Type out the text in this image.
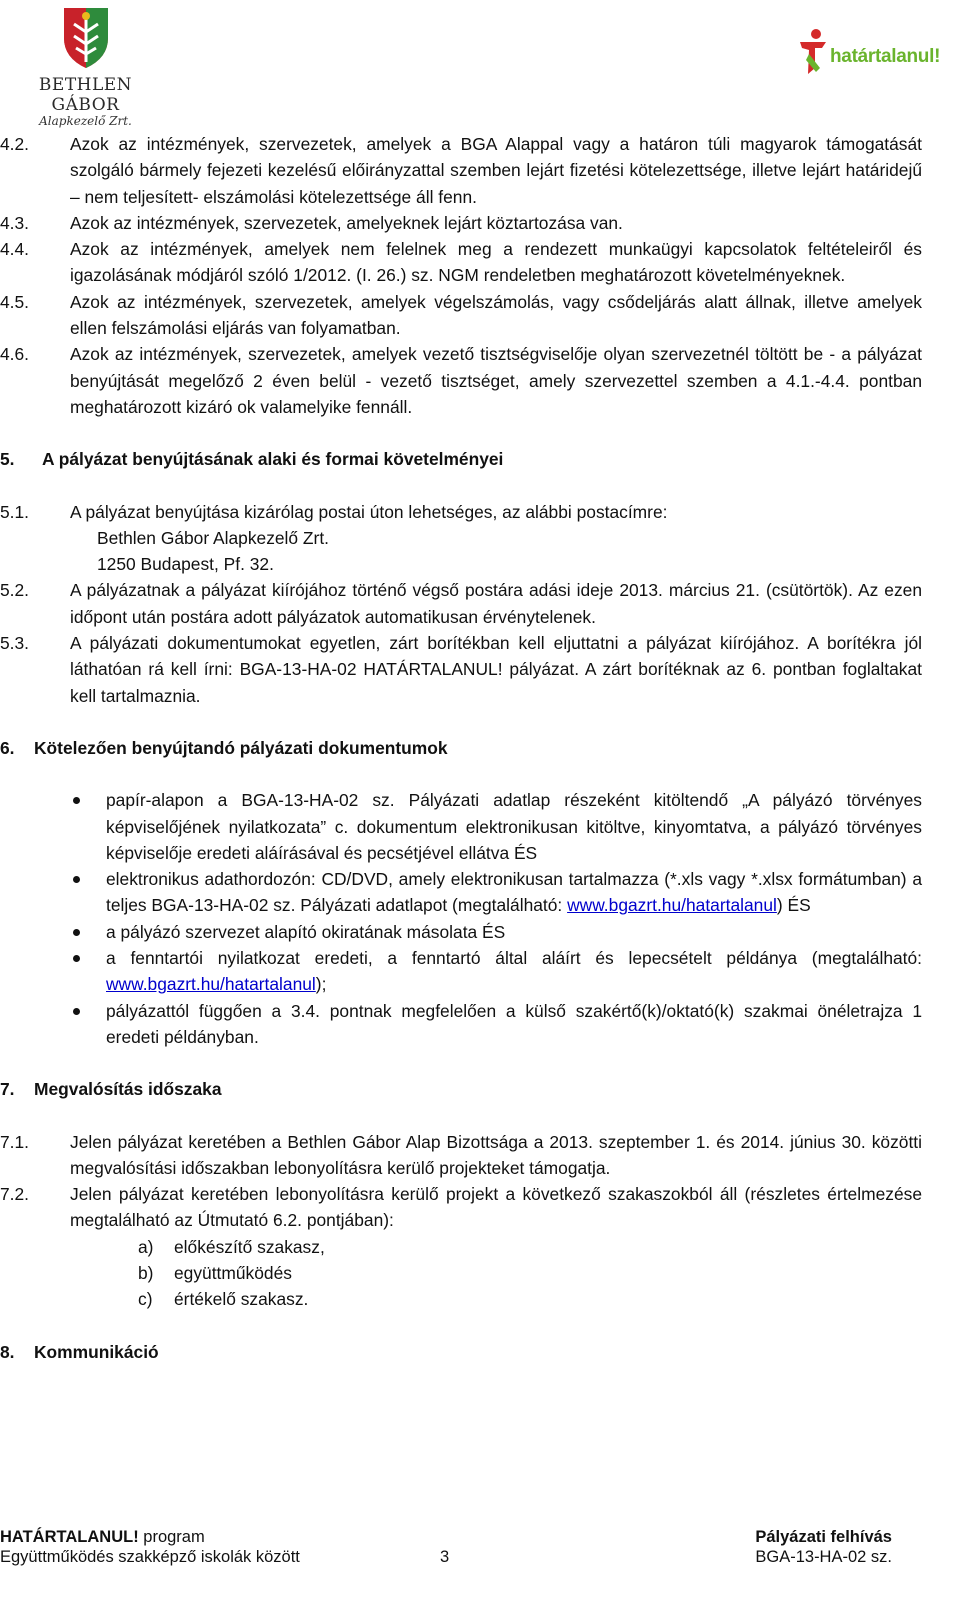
BETHLEN GÁBOR
Alapkezelő Zrt.
határtalanul!
4.2.	Azok az intézmények, szervezetek, amelyek a BGA Alappal vagy a határon túli magyarok támogatását szolgáló bármely fejezeti kezelésű előirányzattal szemben lejárt fizetési kötelezettsége, illetve lejárt határidejű – nem teljesített- elszámolási kötelezettsége áll fenn.
4.3.	Azok az intézmények, szervezetek, amelyeknek lejárt köztartozása van.
4.4.	Azok az intézmények, amelyek nem felelnek meg a rendezett munkaügyi kapcsolatok feltételeiről és igazolásának módjáról szóló 1/2012. (I. 26.) sz. NGM rendeletben meghatározott követelményeknek.
4.5.	Azok az intézmények, szervezetek, amelyek végelszámolás, vagy csődeljárás alatt állnak, illetve amelyek ellen felszámolási eljárás van folyamatban.
4.6.	Azok az intézmények, szervezetek, amelyek vezető tisztségviselője olyan szervezetnél töltött be - a pályázat benyújtását megelőző 2 éven belül - vezető tisztséget, amely szervezettel szemben a 4.1.-4.4. pontban meghatározott kizáró ok valamelyike fennáll.
5.	A pályázat benyújtásának alaki és formai követelményei
5.1.	A pályázat benyújtása kizárólag postai úton lehetséges, az alábbi postacímre:
Bethlen Gábor Alapkezelő Zrt.
1250 Budapest, Pf. 32.
5.2.	A pályázatnak a pályázat kiírójához történő végső postára adási ideje 2013. március 21. (csütörtök). Az ezen időpont után postára adott pályázatok automatikusan érvénytelenek.
5.3.	A pályázati dokumentumokat egyetlen, zárt borítékban kell eljuttatni a pályázat kiírójához. A borítékra jól láthatóan rá kell írni: BGA-13-HA-02 HATÁRTALANUL! pályázat. A zárt borítéknak az 6. pontban foglaltakat kell tartalmaznia.
6.	Kötelezően benyújtandó pályázati dokumentumok
papír-alapon a BGA-13-HA-02 sz. Pályázati adatlap részeként kitöltendő „A pályázó törvényes képviselőjének nyilatkozata” c. dokumentum elektronikusan kitöltve, kinyomtatva, a pályázó törvényes képviselője eredeti aláírásával és pecsétjével ellátva ÉS
elektronikus adathordozón: CD/DVD, amely elektronikusan tartalmazza (*.xls vagy *.xlsx formátumban) a teljes BGA-13-HA-02 sz. Pályázati adatlapot (megtalálható: www.bgazrt.hu/hatartalanul) ÉS
a pályázó szervezet alapító okiratának másolata ÉS
a fenntartói nyilatkozat eredeti, a fenntartó által aláírt és lepecsételt példánya (megtalálható: www.bgazrt.hu/hatartalanul);
pályázattól függően a 3.4. pontnak megfelelően a külső szakértő(k)/oktató(k) szakmai önéletrajza 1 eredeti példányban.
7.	Megvalósítás időszaka
7.1.	Jelen pályázat keretében a Bethlen Gábor Alap Bizottsága a 2013. szeptember 1. és 2014. június 30. közötti megvalósítási időszakban lebonyolításra kerülő projekteket támogatja.
7.2.	Jelen pályázat keretében lebonyolításra kerülő projekt a következő szakaszokból áll (részletes értelmezése megtalálható az Útmutató 6.2. pontjában):
a)	előkészítő szakasz,
b)	együttműködés
c)	értékelő szakasz.
8.	Kommunikáció
HATÁRTALANUL! program	Pályázati felhívás
Együttműködés szakképző iskolák között	3	BGA-13-HA-02 sz.
